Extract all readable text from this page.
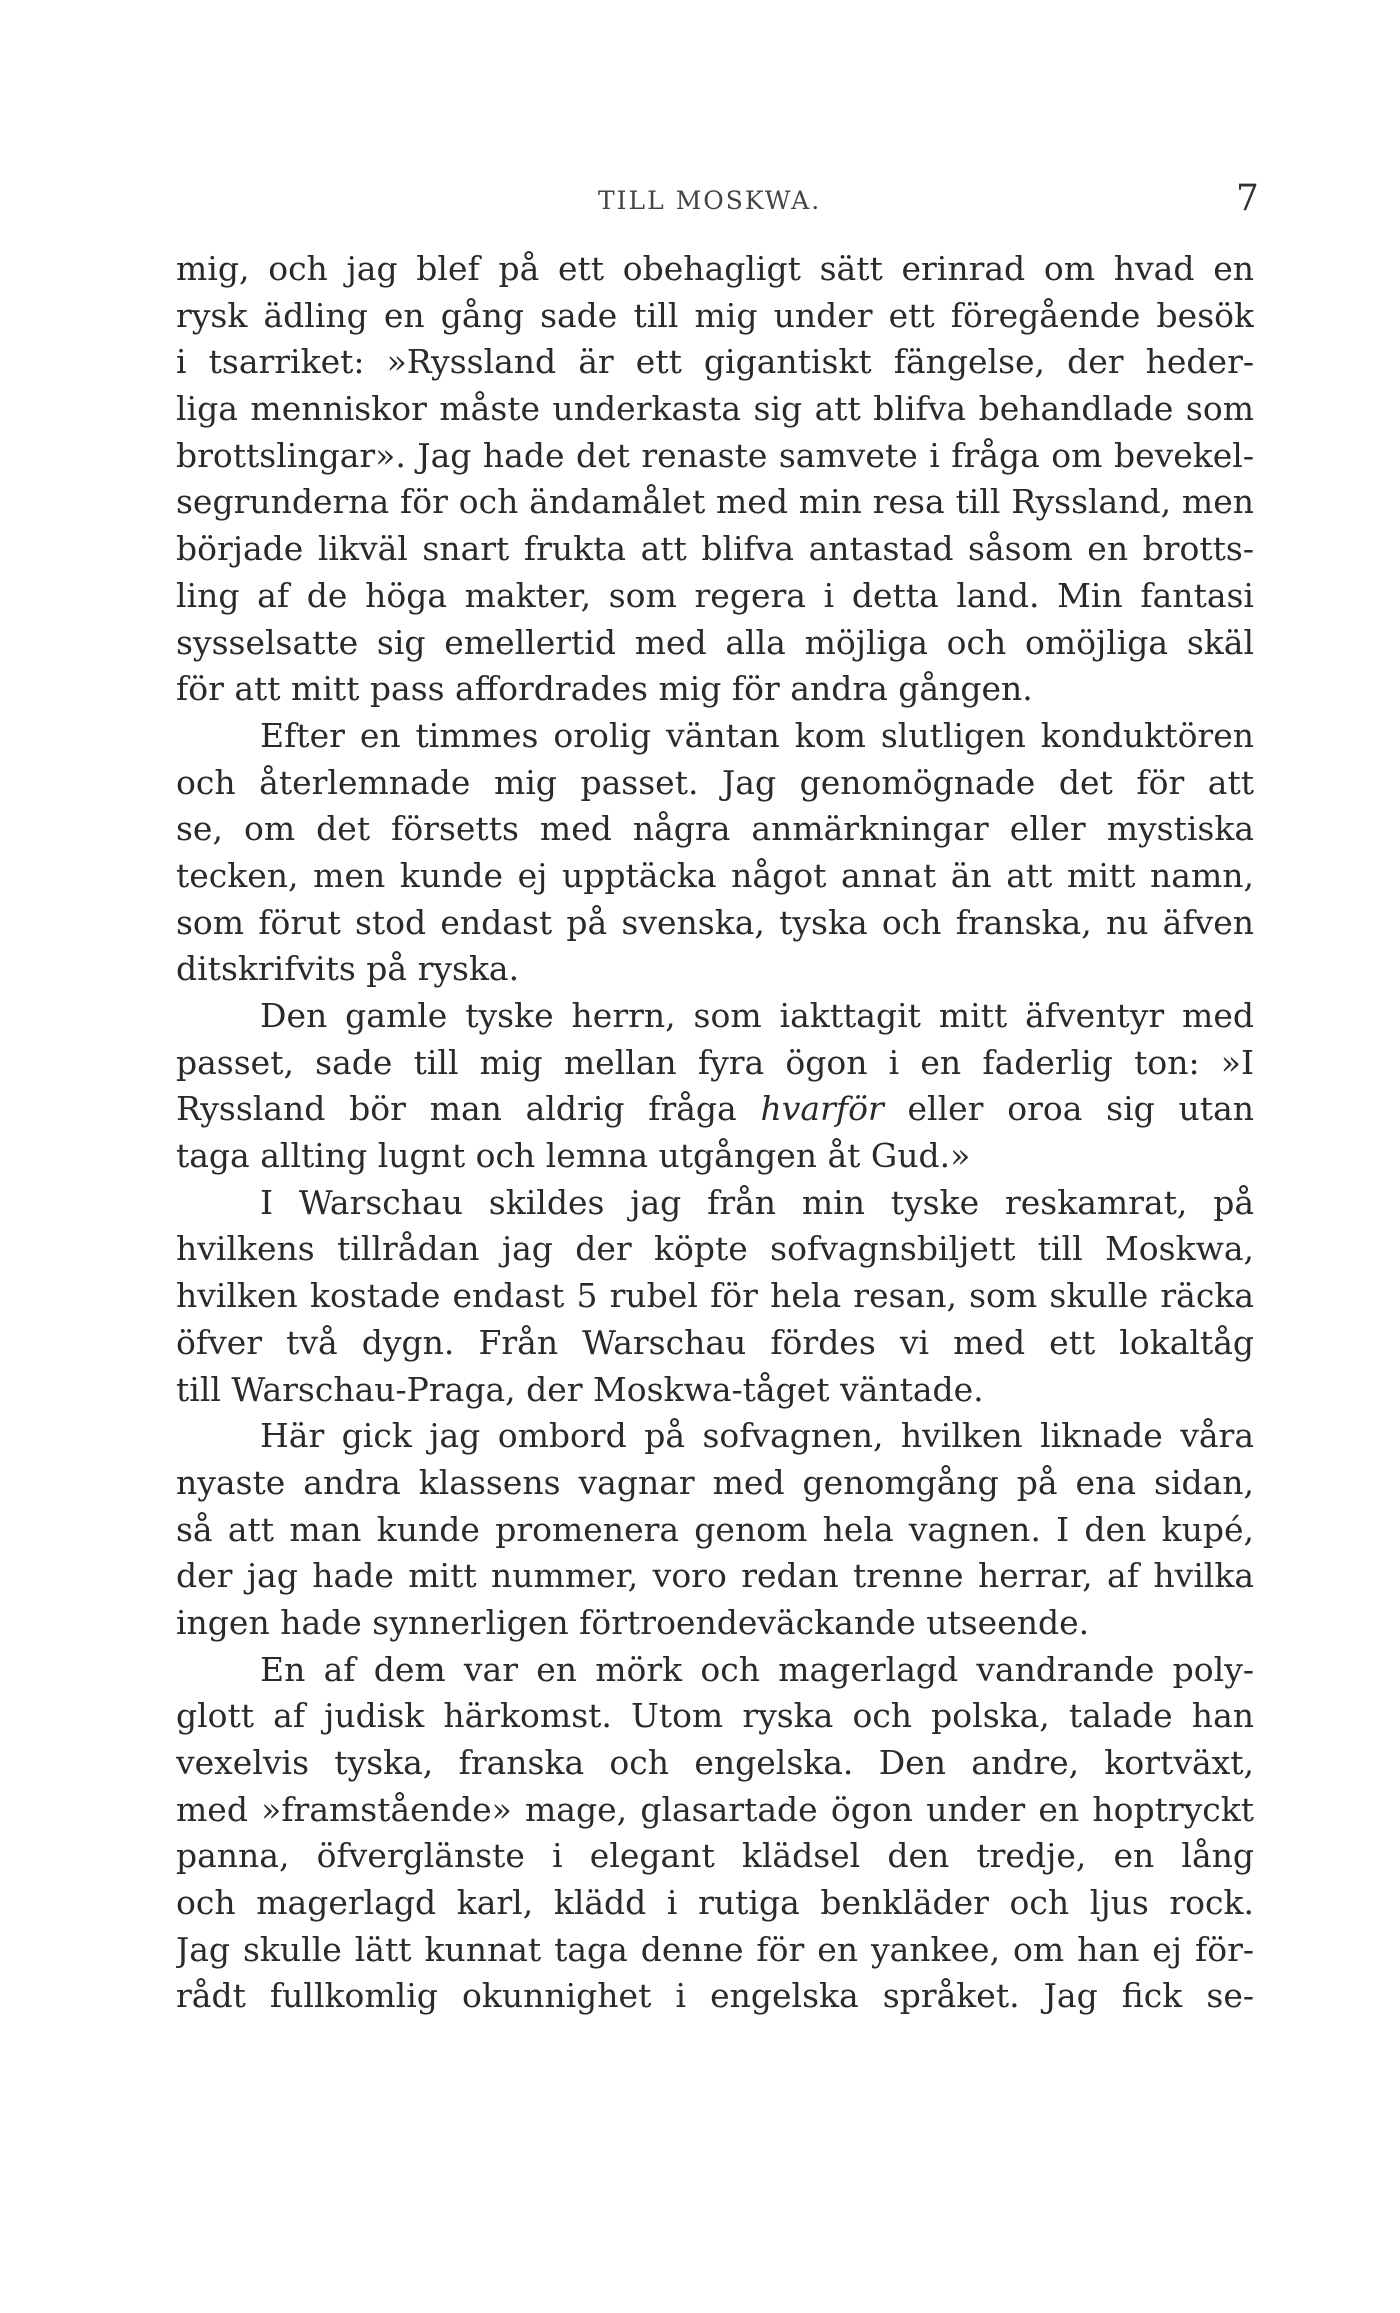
TILL MOSKWA.	7
mig, och jag blef på ett obehagligt sätt erinrad om hvad en
rysk ädling en gång sade till mig under ett föregående besök
i tsarriket: »Ryssland är ett gigantiskt fängelse, der heder-
liga menniskor måste underkasta sig att blifva behandlade som
brottslingar». Jag hade det renaste samvete i fråga om bevekel-
segrunderna för och ändamålet med min resa till Ryssland, men
började likväl snart frukta att blifva antastad såsom en brotts-
ling af de höga makter, som regera i detta land. Min fantasi
sysselsatte sig emellertid med alla möjliga och omöjliga skäl
för att mitt pass affordrades mig för andra gången.
Efter en timmes orolig väntan kom slutligen konduktören
och återlemnade mig passet. Jag genomögnade det för att
se, om det försetts med några anmärkningar eller mystiska
tecken, men kunde ej upptäcka något annat än att mitt namn,
som förut stod endast på svenska, tyska och franska, nu äfven
ditskrifvits på ryska.
Den gamle tyske herrn, som iakttagit mitt äfventyr med
passet, sade till mig mellan fyra ögon i en faderlig ton: »I
Ryssland bör man aldrig fråga hvarför eller oroa sig utan
taga allting lugnt och lemna utgången åt Gud.»
I Warschau skildes jag från min tyske reskamrat, på
hvilkens tillrådan jag der köpte sofvagnsbiljett till Moskwa,
hvilken kostade endast 5 rubel för hela resan, som skulle räcka
öfver två dygn. Från Warschau fördes vi med ett lokaltåg
till Warschau-Praga, der Moskwa-tåget väntade.
Här gick jag ombord på sofvagnen, hvilken liknade våra
nyaste andra klassens vagnar med genomgång på ena sidan,
så att man kunde promenera genom hela vagnen. I den kupé,
der jag hade mitt nummer, voro redan trenne herrar, af hvilka
ingen hade synnerligen förtroendeväckande utseende.
En af dem var en mörk och magerlagd vandrande poly-
glott af judisk härkomst. Utom ryska och polska, talade han
vexelvis tyska, franska och engelska. Den andre, kortväxt,
med »framstående» mage, glasartade ögon under en hoptryckt
panna, öfverglänste i elegant klädsel den tredje, en lång
och magerlagd karl, klädd i rutiga benkläder och ljus rock.
Jag skulle lätt kunnat taga denne för en yankee, om han ej för-
rådt fullkomlig okunnighet i engelska språket. Jag fick se-
